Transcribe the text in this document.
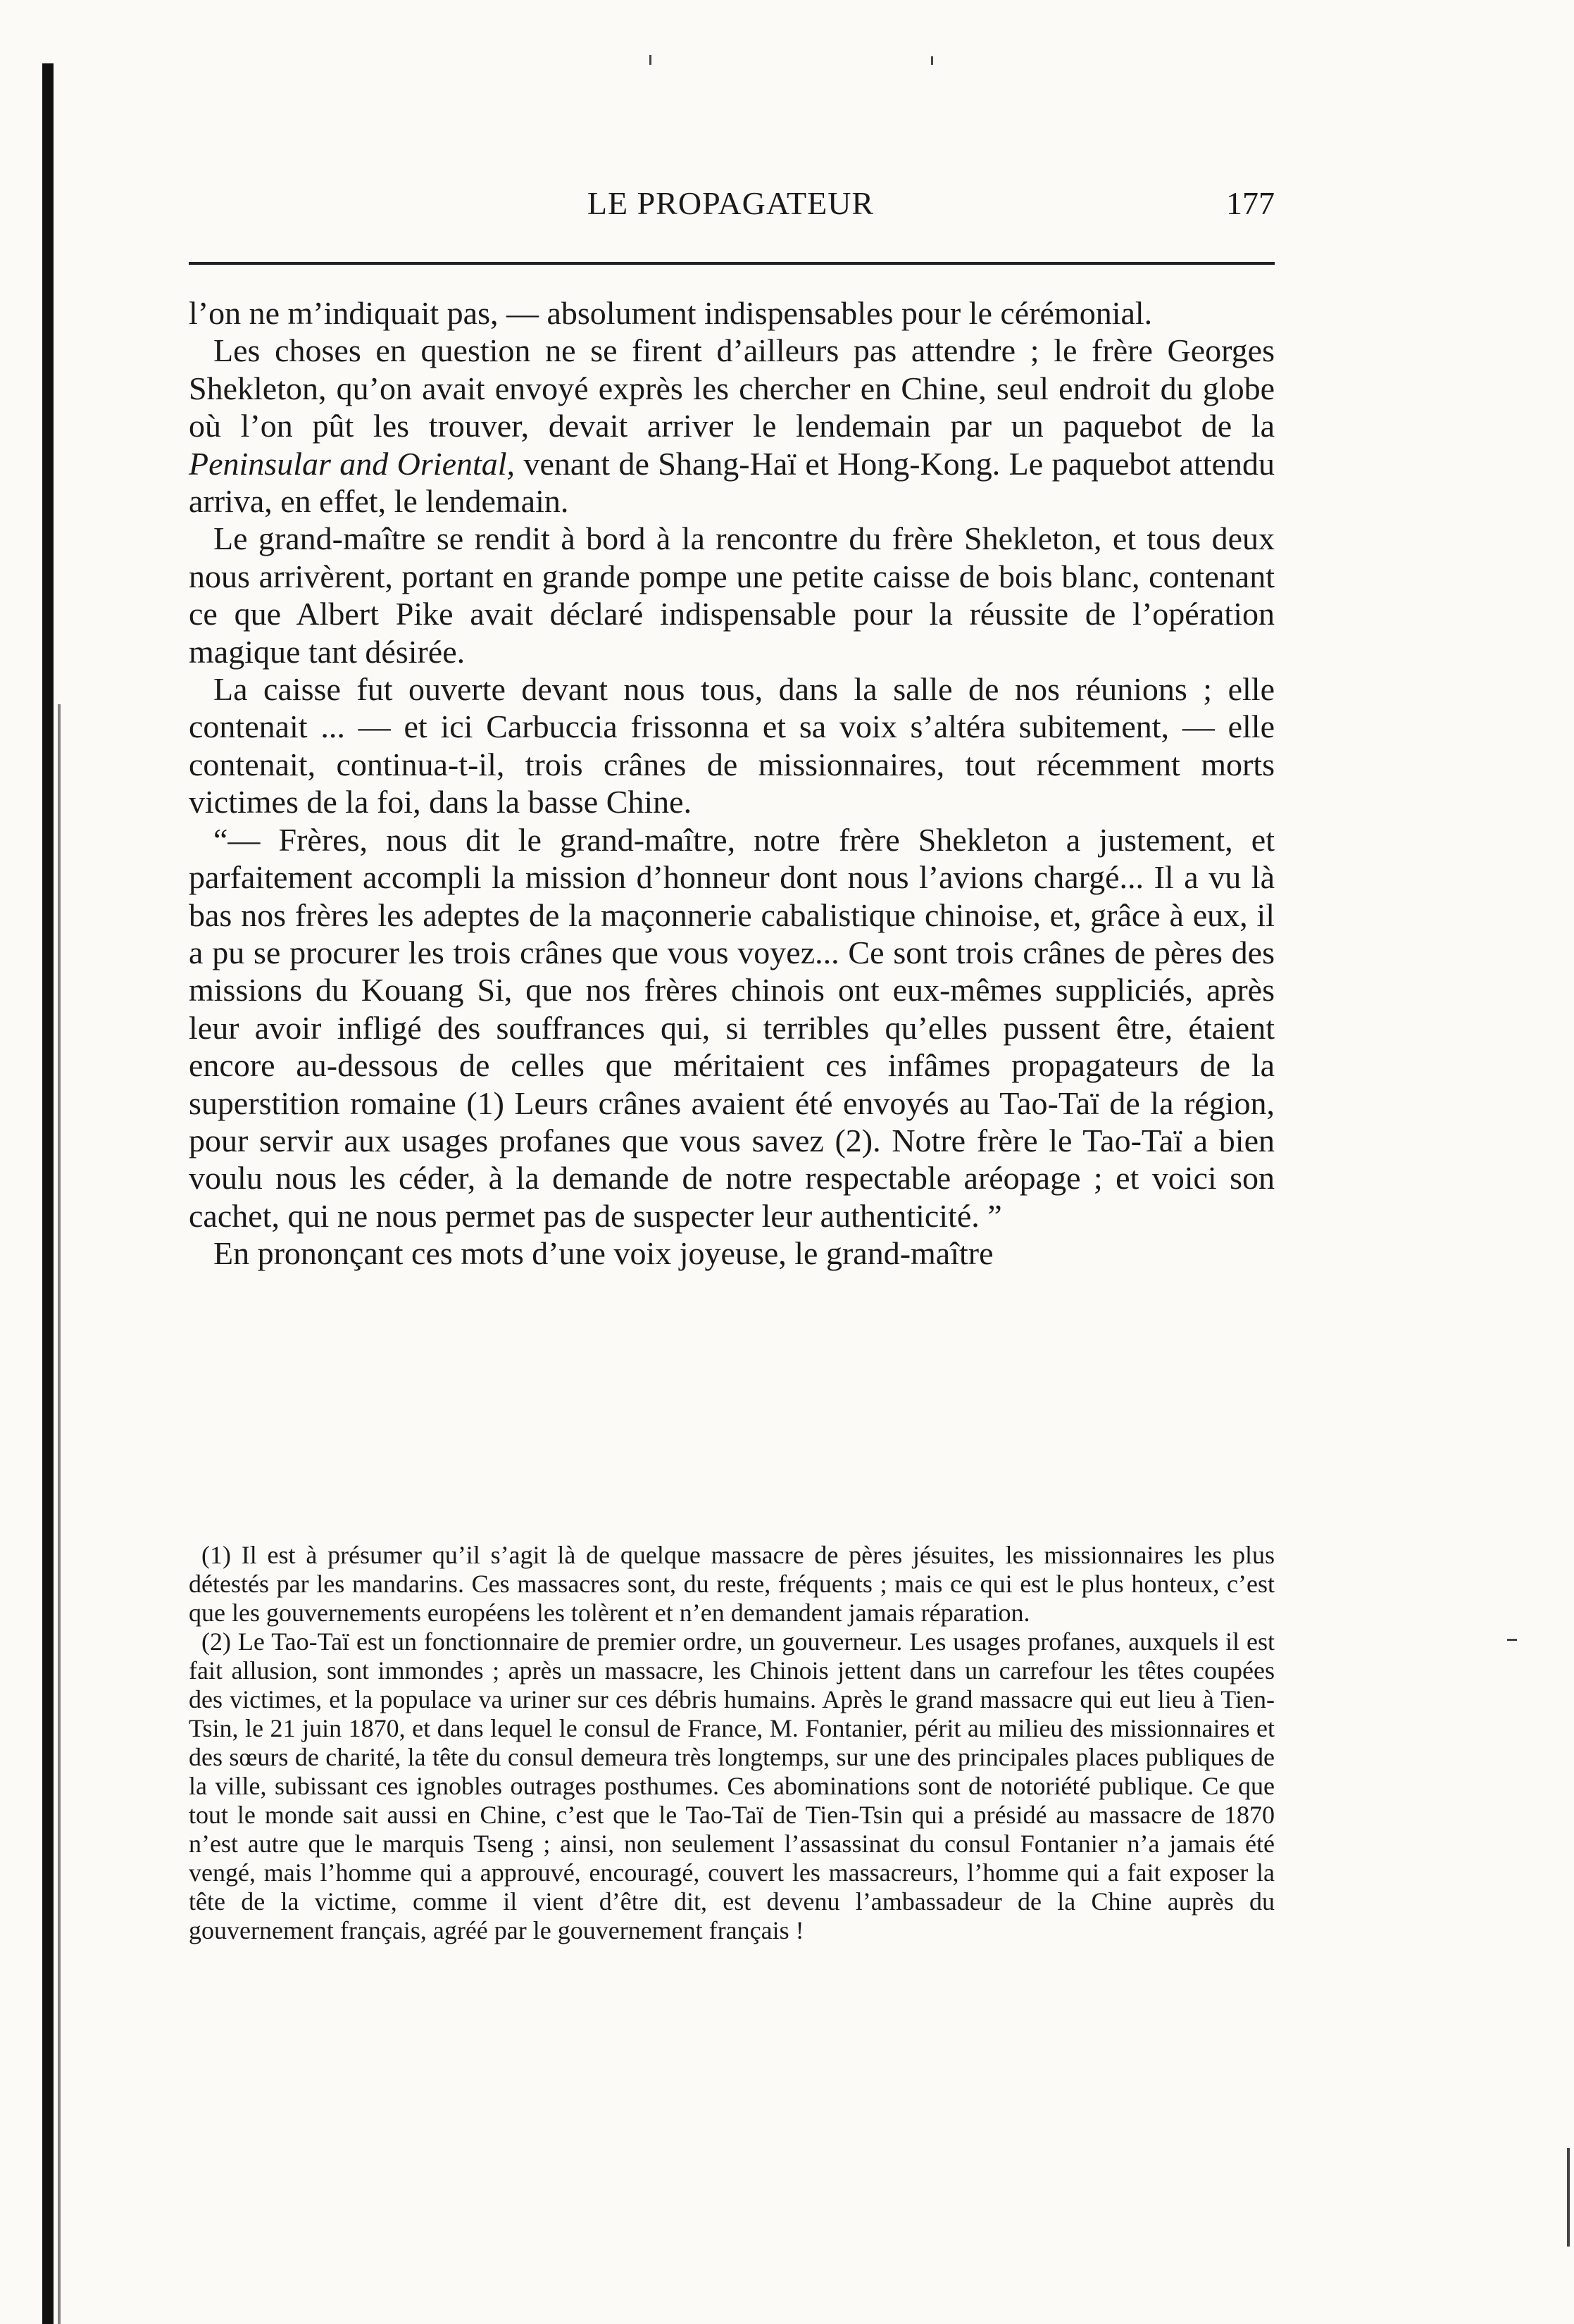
LE PROPAGATEUR	177

l’on ne m’indiquait pas, — absolument indispensables pour le cérémonial.

Les choses en question ne se firent d’ailleurs pas attendre ; le frère Georges Shekleton, qu’on avait envoyé exprès les chercher en Chine, seul endroit du globe où l’on pût les trouver, devait arriver le lendemain par un paquebot de la Peninsular and Oriental, venant de Shang-Haï et Hong-Kong. Le paquebot attendu arriva, en effet, le lendemain.

Le grand-maître se rendit à bord à la rencontre du frère Shekleton, et tous deux nous arrivèrent, portant en grande pompe une petite caisse de bois blanc, contenant ce que Albert Pike avait déclaré indispensable pour la réussite de l’opération magique tant désirée.

La caisse fut ouverte devant nous tous, dans la salle de nos réunions ; elle contenait ... — et ici Carbuccia frissonna et sa voix s’altéra subitement, — elle contenait, continua-t-il, trois crânes de missionnaires, tout récemment morts victimes de la foi, dans la basse Chine.

“— Frères, nous dit le grand-maître, notre frère Shekleton a justement, et parfaitement accompli la mission d’honneur dont nous l’avions chargé... Il a vu là bas nos frères les adeptes de la maçonnerie cabalistique chinoise, et, grâce à eux, il a pu se procurer les trois crânes que vous voyez... Ce sont trois crânes de pères des missions du Kouang Si, que nos frères chinois ont eux-mêmes suppliciés, après leur avoir infligé des souffrances qui, si terribles qu’elles pussent être, étaient encore au-dessous de celles que méritaient ces infâmes propagateurs de la superstition romaine (1) Leurs crânes avaient été envoyés au Tao-Taï de la région, pour servir aux usages profanes que vous savez (2). Notre frère le Tao-Taï a bien voulu nous les céder, à la demande de notre respectable aréopage ; et voici son cachet, qui ne nous permet pas de suspecter leur authenticité. ”

En prononçant ces mots d’une voix joyeuse, le grand-maître

(1) Il est à présumer qu’il s’agit là de quelque massacre de pères jésuites, les missionnaires les plus détestés par les mandarins. Ces massacres sont, du reste, fréquents ; mais ce qui est le plus honteux, c’est que les gouvernements européens les tolèrent et n’en demandent jamais réparation.

(2) Le Tao-Taï est un fonctionnaire de premier ordre, un gouverneur. Les usages profanes, auxquels il est fait allusion, sont immondes ; après un massacre, les Chinois jettent dans un carrefour les têtes coupées des victimes, et la populace va uriner sur ces débris humains. Après le grand massacre qui eut lieu à Tien-Tsin, le 21 juin 1870, et dans lequel le consul de France, M. Fontanier, périt au milieu des missionnaires et des sœurs de charité, la tête du consul demeura très longtemps, sur une des principales places publiques de la ville, subissant ces ignobles outrages posthumes. Ces abominations sont de notoriété publique. Ce que tout le monde sait aussi en Chine, c’est que le Tao-Taï de Tien-Tsin qui a présidé au massacre de 1870 n’est autre que le marquis Tseng ; ainsi, non seulement l’assassinat du consul Fontanier n’a jamais été vengé, mais l’homme qui a approuvé, encouragé, couvert les massacreurs, l’homme qui a fait exposer la tête de la victime, comme il vient d’être dit, est devenu l’ambassadeur de la Chine auprès du gouvernement français, agréé par le gouvernement français !
